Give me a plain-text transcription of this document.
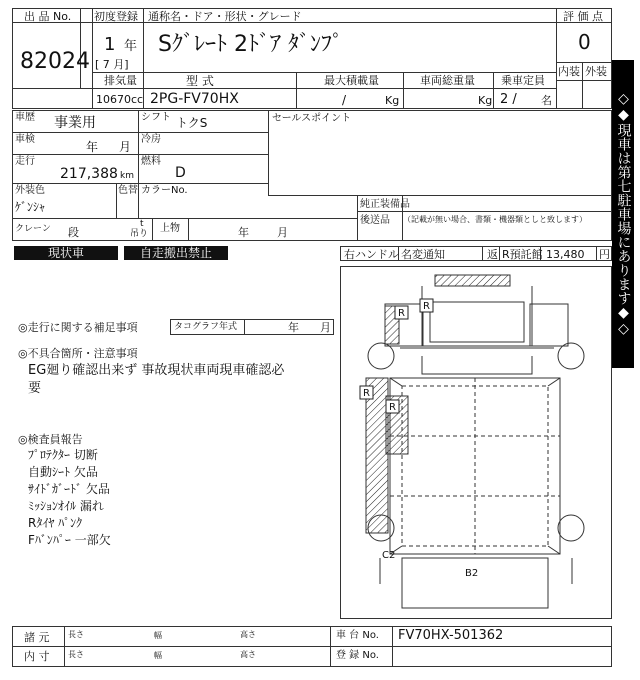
出 品 No.
82024
初度登録
1 年
[ 7 月]
通称名・ドア・形状・グレード
Sｸﾞﾚｰﾄ 2ﾄﾞｱ ﾀﾞﾝﾌﾟ
評 価 点
0
内装 外装
排気量
10670 cc
型 式
2PG-FV70HX
最大積載量
/	Kg
車両総重量
Kg
乗車定員
2 / 名
車歴 事業用	シフト トクS
車検
年 月
冷房
走行
217,388 km
燃料
D
外装色
ｹﾞﾝｼｬ
色替 カラーNo.
クレーン 段
t
吊り 上物	年	月
セールスポイント
純正装備品
後送品 （記載が無い場合、書類・機器類としと致します）
現状車	自走搬出禁止	右ハンドル 名変通知	返 R預託館 13,480 円
◎走行に関する補足事項	タコグラフ年式	年 月
◎不具合箇所・注意事項
EG廻り確認出来ず 事故現状車両現車確認必
要
◎検査員報告
ﾌﾟﾛﾃｸﾀｰ 切断
自動ｼｰﾄ 欠品
ｻｲﾄﾞｶﾞｰﾄﾞ 欠品
ﾐｯｼｮﾝｵｲﾙ 漏れ
Rﾀｲﾔ ﾊﾟﾝｸ
Fﾊﾞﾝﾊﾟｰ 一部欠
R
R
R
R
C2
B2
◇◆現車は第七駐車場にあります◆◇
諸 元 長さ	幅	高さ
内 寸 長さ	幅	高さ
車 台 No. FV70HX-501362
登 録 No.
